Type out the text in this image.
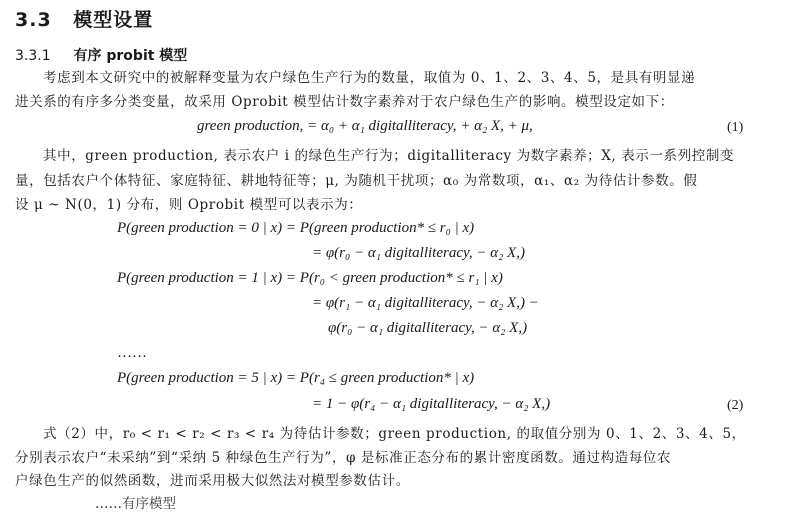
3.3 模型设置
3.3.1 有序 probit 模型
考虑到本文研究中的被解释变量为农户绿色生产行为的数量，取值为 0、1、2、3、4、5，是具有明显递
进关系的有序多分类变量，故采用 Oprobit 模型估计数字素养对于农户绿色生产的影响。模型设定如下：
green production, = α₀ + α₁ digitalliteracy, + α₂ X, + μ,	(1)
其中，green production, 表示农户 i 的绿色生产行为；digitalliteracy 为数字素养；X, 表示一系列控制变
量，包括农户个体特征、家庭特征、耕地特征等；μ, 为随机干扰项；α₀ 为常数项，α₁、α₂ 为待估计参数。假
设 μ ~ N(0，1) 分布，则 Oprobit 模型可以表示为：
P(green production = 0 | x) = P(green production* ≤ r₀ | x)
= φ(r₀ − α₁ digitalliteracy, − α₂ X,)
P(green production = 1 | x) = P(r₀ < green production* ≤ r₁ | x)
= φ(r₁ − α₁ digitalliteracy, − α₂ X,) −
φ(r₀ − α₁ digitalliteracy, − α₂ X,)
……
P(green production = 5 | x) = P(r₄ ≤ green production* | x)
= 1 − φ(r₄ − α₁ digitalliteracy, − α₂ X,)	(2)
式（2）中，r₀ < r₁ < r₂ < r₃ < r₄ 为待估计参数；green production, 的取值分别为 0、1、2、3、4、5，
分别表示农户“未采纳”到“采纳 5 种绿色生产行为”，φ 是标准正态分布的累计密度函数。通过构造每位农
户绿色生产的似然函数，进而采用极大似然法对模型参数估计。
……有序模型
